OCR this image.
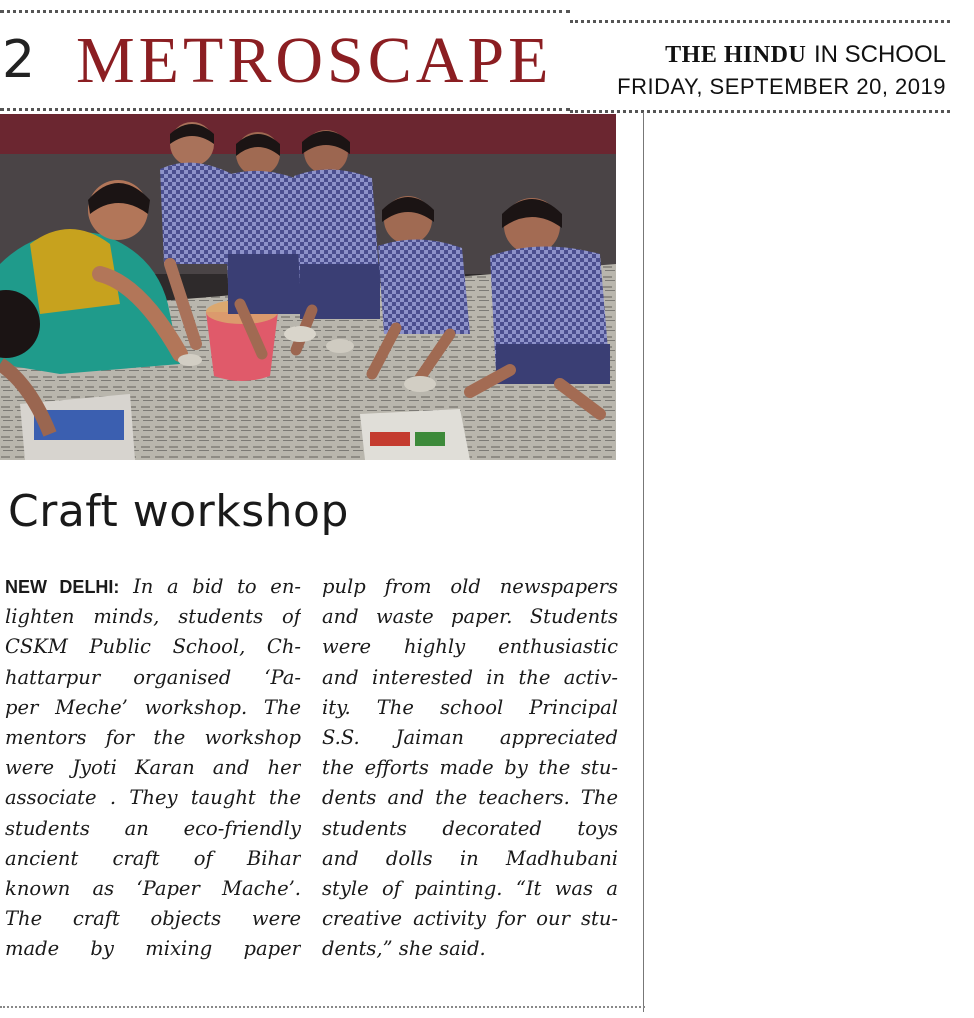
2 METROSCAPE	THE HINDU IN SCHOOL
FRIDAY, SEPTEMBER 20, 2019
Craft workshop
NEW DELHI: In a bid to en-
lighten minds, students of
CSKM Public School, Ch-
hattarpur organised ‘Pa-
per Meche’ workshop. The
mentors for the workshop
were Jyoti Karan and her
associate . They taught the
students an eco-friendly
ancient craft of Bihar
known as ‘Paper Mache’.
The craft objects were
made by mixing paper
pulp from old newspapers
and waste paper. Students
were highly enthusiastic
and interested in the activ-
ity. The school Principal
S.S. Jaiman appreciated
the efforts made by the stu-
dents and the teachers. The
students decorated toys
and dolls in Madhubani
style of painting. “It was a
creative activity for our stu-
dents,” she said.
